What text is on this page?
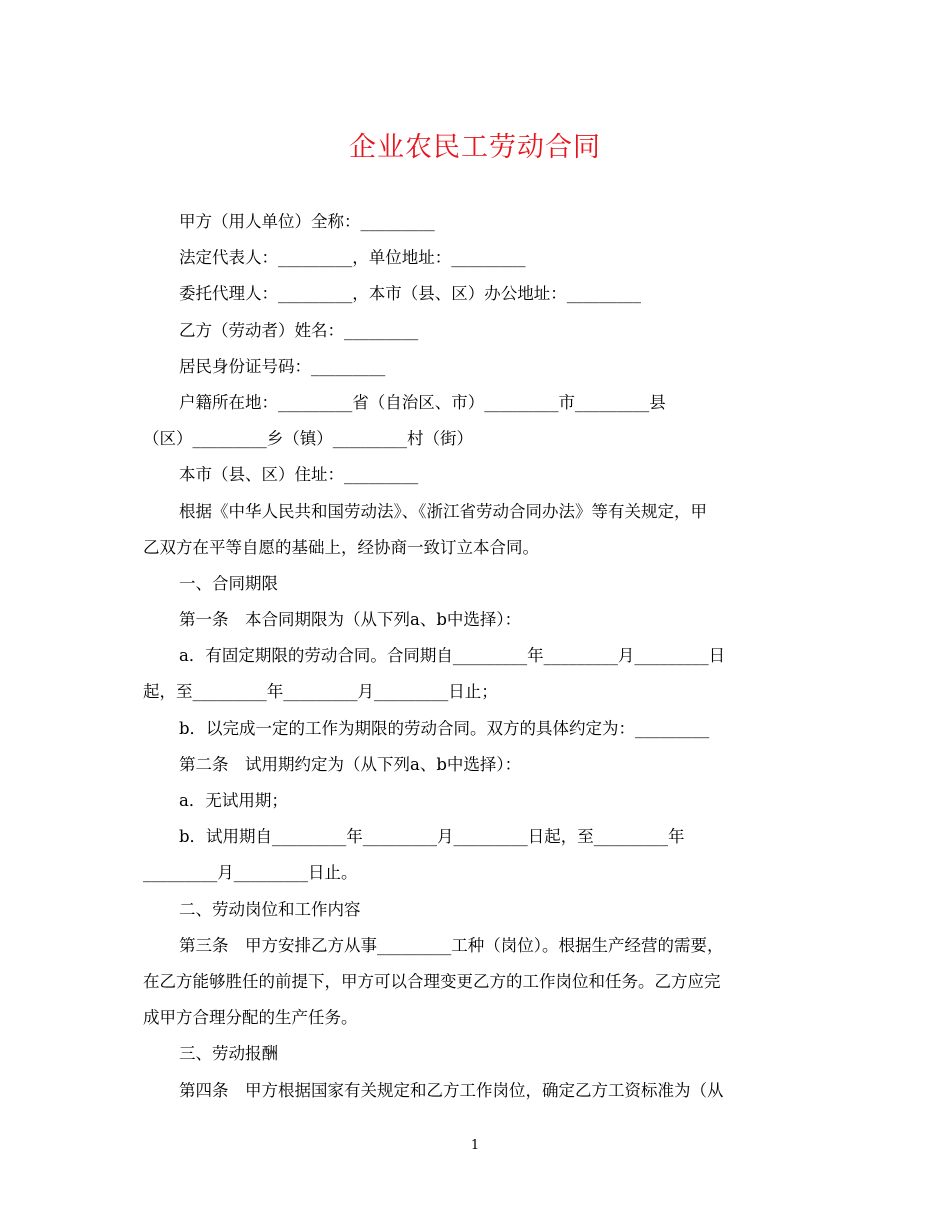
企业农民工劳动合同
甲方（用人单位）全称：_________
法定代表人：_________，单位地址：_________
委托代理人：_________，本市（县、区）办公地址：_________
乙方（劳动者）姓名：_________
居民身份证号码：_________
户籍所在地：_________省（自治区、市）_________市_________县
（区）_________乡（镇）_________村（街）
本市（县、区）住址：_________
根据《中华人民共和国劳动法》、《浙江省劳动合同办法》等有关规定，甲
乙双方在平等自愿的基础上，经协商一致订立本合同。
一、合同期限
第一条　本合同期限为（从下列a、b中选择）：
a．有固定期限的劳动合同。合同期自_________年_________月_________日
起，至_________年_________月_________日止；
b．以完成一定的工作为期限的劳动合同。双方的具体约定为：_________
第二条　试用期约定为（从下列a、b中选择）：
a．无试用期；
b．试用期自_________年_________月_________日起，至_________年
_________月_________日止。
二、劳动岗位和工作内容
第三条　甲方安排乙方从事_________工种（岗位）。根据生产经营的需要，
在乙方能够胜任的前提下，甲方可以合理变更乙方的工作岗位和任务。乙方应完
成甲方合理分配的生产任务。
三、劳动报酬
第四条　甲方根据国家有关规定和乙方工作岗位，确定乙方工资标准为（从
1
